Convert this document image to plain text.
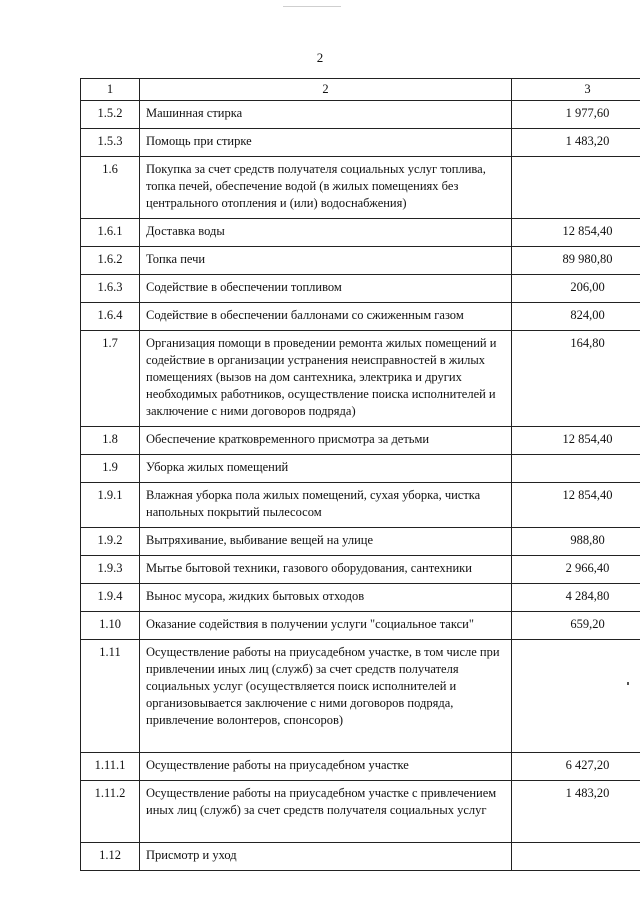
2
1	2	3
1.5.2	Машинная стирка	1 977,60
1.5.3	Помощь при стирке	1 483,20
1.6	Покупка за счет средств получателя социальных услуг топлива, топка печей, обеспечение водой (в жилых помещениях без центрального отопления и (или) водоснабжения)	
1.6.1	Доставка воды	12 854,40
1.6.2	Топка печи	89 980,80
1.6.3	Содействие в обеспечении топливом	206,00
1.6.4	Содействие в обеспечении баллонами со сжиженным газом	824,00
1.7	Организация помощи в проведении ремонта жилых помещений и содействие в организации устранения неисправностей в жилых помещениях (вызов на дом сантехника, электрика и других необходимых работников, осуществление поиска исполнителей и заключение с ними договоров подряда)	164,80
1.8	Обеспечение кратковременного присмотра за детьми	12 854,40
1.9	Уборка жилых помещений	
1.9.1	Влажная уборка пола жилых помещений, сухая уборка, чистка напольных покрытий пылесосом	12 854,40
1.9.2	Вытряхивание, выбивание вещей на улице	988,80
1.9.3	Мытье бытовой техники, газового оборудования, сантехники	2 966,40
1.9.4	Вынос мусора, жидких бытовых отходов	4 284,80
1.10	Оказание содействия в получении услуги "социальное такси"	659,20
1.11	Осуществление работы на приусадебном участке, в том числе при привлечении иных лиц (служб) за счет средств получателя социальных услуг (осуществляется поиск исполнителей и организовывается заключение с ними договоров подряда, привлечение волонтеров, спонсоров)	
1.11.1	Осуществление работы на приусадебном участке	6 427,20
1.11.2	Осуществление работы на приусадебном участке с привлечением иных лиц (служб) за счет средств получателя социальных услуг	1 483,20
1.12	Присмотр и уход	
